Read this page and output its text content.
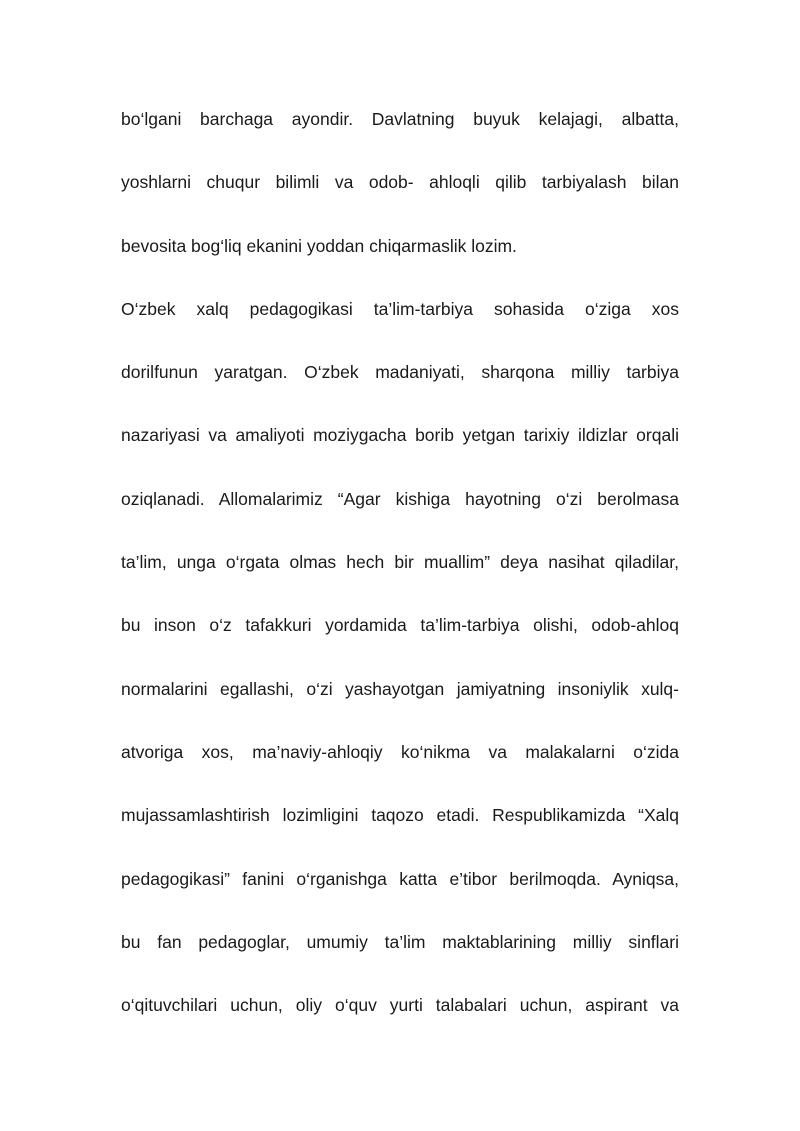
bo‘lgani barchaga ayondir. Davlatning buyuk kelajagi, albatta,
yoshlarni chuqur bilimli va odob- ahloqli qilib tarbiyalash bilan
bevosita bog‘liq ekanini yoddan chiqarmaslik lozim.
O‘zbek xalq pedagogikasi ta’lim-tarbiya sohasida o‘ziga xos
dorilfunun yaratgan. O‘zbek madaniyati, sharqona milliy tarbiya
nazariyasi va amaliyoti moziygacha borib yetgan tarixiy ildizlar orqali
oziqlanadi. Allomalarimiz “Agar kishiga hayotning o‘zi berolmasa
ta’lim, unga o‘rgata olmas hech bir muallim” deya nasihat qiladilar,
bu inson o‘z tafakkuri yordamida ta’lim-tarbiya olishi, odob-ahloq
normalarini egallashi, o‘zi yashayotgan jamiyatning insoniylik xulq-
atvoriga xos, ma’naviy-ahloqiy ko‘nikma va malakalarni o‘zida
mujassamlashtirish lozimligini taqozo etadi. Respublikamizda “Xalq
pedagogikasi” fanini o‘rganishga katta e’tibor berilmoqda. Ayniqsa,
bu fan pedagoglar, umumiy ta’lim maktablarining milliy sinflari
o‘qituvchilari uchun, oliy o‘quv yurti talabalari uchun, aspirant va
